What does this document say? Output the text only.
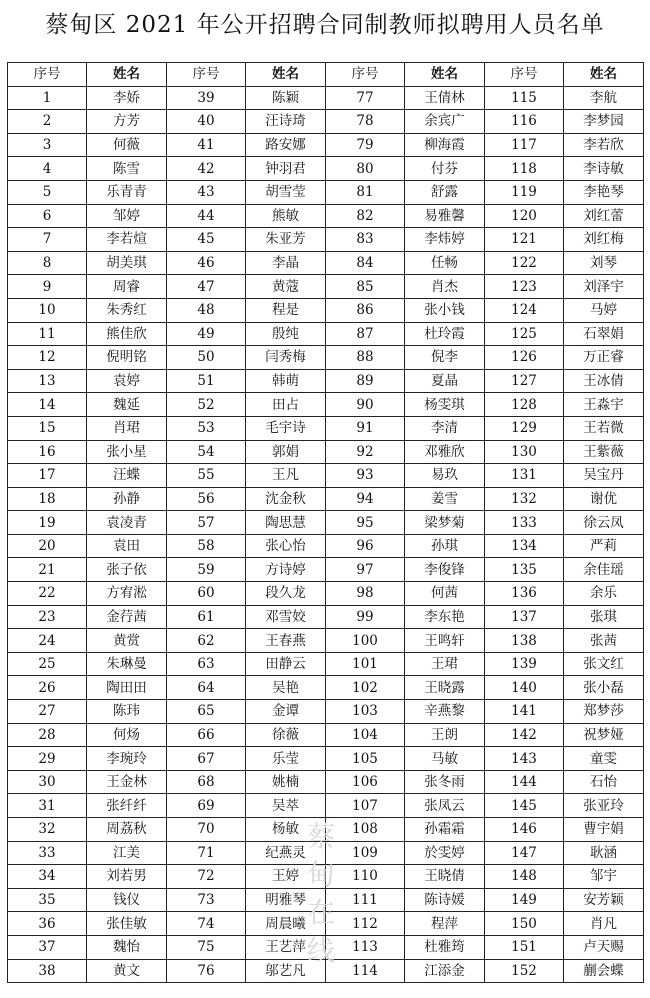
蔡甸区 2021 年公开招聘合同制教师拟聘用人员名单
序号	姓名	序号	姓名	序号	姓名	序号	姓名
1	李娇	39	陈颖	77	王倩林	115	李航
2	方芳	40	汪诗琦	78	余宾广	116	李梦园
3	何薇	41	路安娜	79	柳海霞	117	李若欣
4	陈雪	42	钟羽君	80	付芬	118	李诗敏
5	乐青青	43	胡雪莹	81	舒露	119	李艳琴
6	邹婷	44	熊敏	82	易雅馨	120	刘红蕾
7	李若煊	45	朱亚芳	83	李炜婷	121	刘红梅
8	胡美琪	46	李晶	84	任畅	122	刘琴
9	周睿	47	黄蔻	85	肖杰	123	刘泽宇
10	朱秀红	48	程是	86	张小钱	124	马婷
11	熊佳欣	49	殷纯	87	杜玲霞	125	石翠娟
12	倪明铭	50	闫秀梅	88	倪李	126	万正睿
13	袁婷	51	韩萌	89	夏晶	127	王冰倩
14	魏延	52	田占	90	杨雯琪	128	王淼宇
15	肖珺	53	毛宇诗	91	李清	129	王若微
16	张小星	54	郭娟	92	邓雅欣	130	王紫薇
17	汪蝶	55	王凡	93	易玖	131	吴宝丹
18	孙静	56	沈金秋	94	姜雪	132	谢优
19	袁凌青	57	陶思慧	95	梁梦菊	133	徐云凤
20	袁田	58	张心怡	96	孙琪	134	严莉
21	张子依	59	方诗婷	97	李俊锋	135	余佳瑶
22	方宥淞	60	段久龙	98	何茜	136	余乐
23	金荇茜	61	邓雪姣	99	李东艳	137	张琪
24	黄赏	62	王春燕	100	王鸣轩	138	张茜
25	朱琳曼	63	田静云	101	王珺	139	张文红
26	陶田田	64	吴艳	102	王晓露	140	张小磊
27	陈玮	65	金谭	103	辛燕黎	141	郑梦莎
28	何炀	66	徐薇	104	王朗	142	祝梦娅
29	李琬玲	67	乐莹	105	马敏	143	童雯
30	王金林	68	姚楠	106	张冬雨	144	石怡
31	张纤纤	69	吴萃	107	张凤云	145	张亚玲
32	周荔秋	70	杨敏	108	孙霜霜	146	曹宇娟
33	江美	71	纪燕灵	109	於雯婷	147	耿涵
34	刘若男	72	王婷	110	王晓倩	148	邹宇
35	钱仪	73	明雅琴	111	陈诗媛	149	安芳颖
36	张佳敏	74	周晨曦	112	程萍	150	肖凡
37	魏怡	75	王艺萍	113	杜雅筠	151	卢天赐
38	黄文	76	邬艺凡	114	江添金	152	蒯会蝶
蔡甸在线
